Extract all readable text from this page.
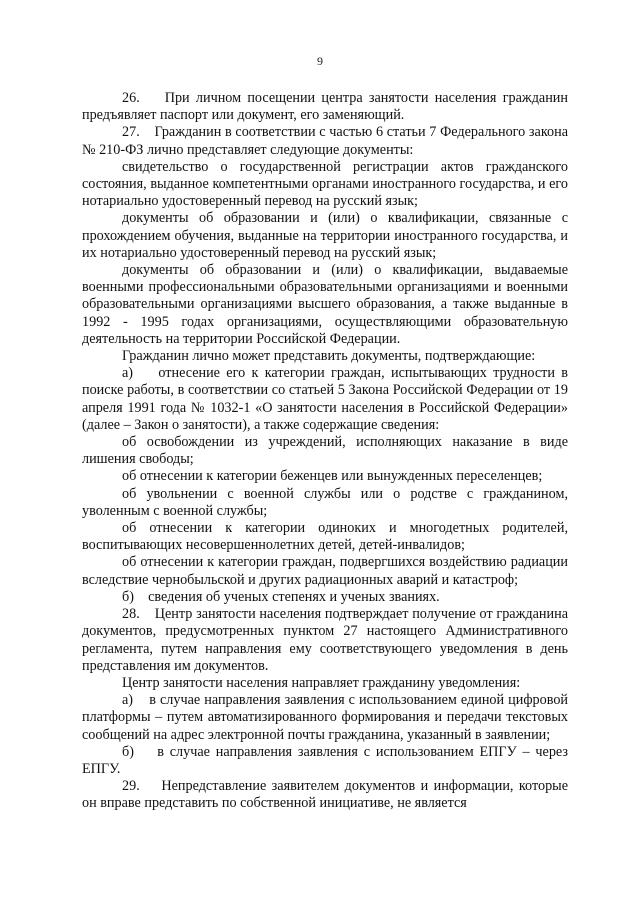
9

26.    При личном посещении центра занятости населения гражданин предъявляет паспорт или документ, его заменяющий.

27.    Гражданин в соответствии с частью 6 статьи 7 Федерального закона № 210-ФЗ лично представляет следующие документы:

свидетельство о государственной регистрации актов гражданского состояния, выданное компетентными органами иностранного государства, и его нотариально удостоверенный перевод на русский язык;

документы об образовании и (или) о квалификации, связанные с прохождением обучения, выданные на территории иностранного государства, и их нотариально удостоверенный перевод на русский язык;

документы об образовании и (или) о квалификации, выдаваемые военными профессиональными образовательными организациями и военными образовательными организациями высшего образования, а также выданные в 1992 - 1995 годах организациями, осуществляющими образовательную деятельность на территории Российской Федерации.

Гражданин лично может представить документы, подтверждающие:

а)    отнесение его к категории граждан, испытывающих трудности в поиске работы, в соответствии со статьей 5 Закона Российской Федерации от 19 апреля 1991 года № 1032-1 «О занятости населения в Российской Федерации» (далее – Закон о занятости), а также содержащие сведения:

об освобождении из учреждений, исполняющих наказание в виде лишения свободы;

об отнесении к категории беженцев или вынужденных переселенцев;

об увольнении с военной службы или о родстве с гражданином, уволенным с военной службы;

об отнесении к категории одиноких и многодетных родителей, воспитывающих несовершеннолетних детей, детей-инвалидов;

об отнесении к категории граждан, подвергшихся воздействию радиации вследствие чернобыльской и других радиационных аварий и катастроф;

б)    сведения об ученых степенях и ученых званиях.

28.    Центр занятости населения подтверждает получение от гражданина документов, предусмотренных пунктом 27 настоящего Административного регламента, путем направления ему соответствующего уведомления в день представления им документов.

Центр занятости населения направляет гражданину уведомления:

а)    в случае направления заявления с использованием единой цифровой платформы – путем автоматизированного формирования и передачи текстовых сообщений на адрес электронной почты гражданина, указанный в заявлении;

б)    в случае направления заявления с использованием ЕПГУ – через ЕПГУ.

29.    Непредставление заявителем документов и информации, которые он вправе представить по собственной инициативе, не является
